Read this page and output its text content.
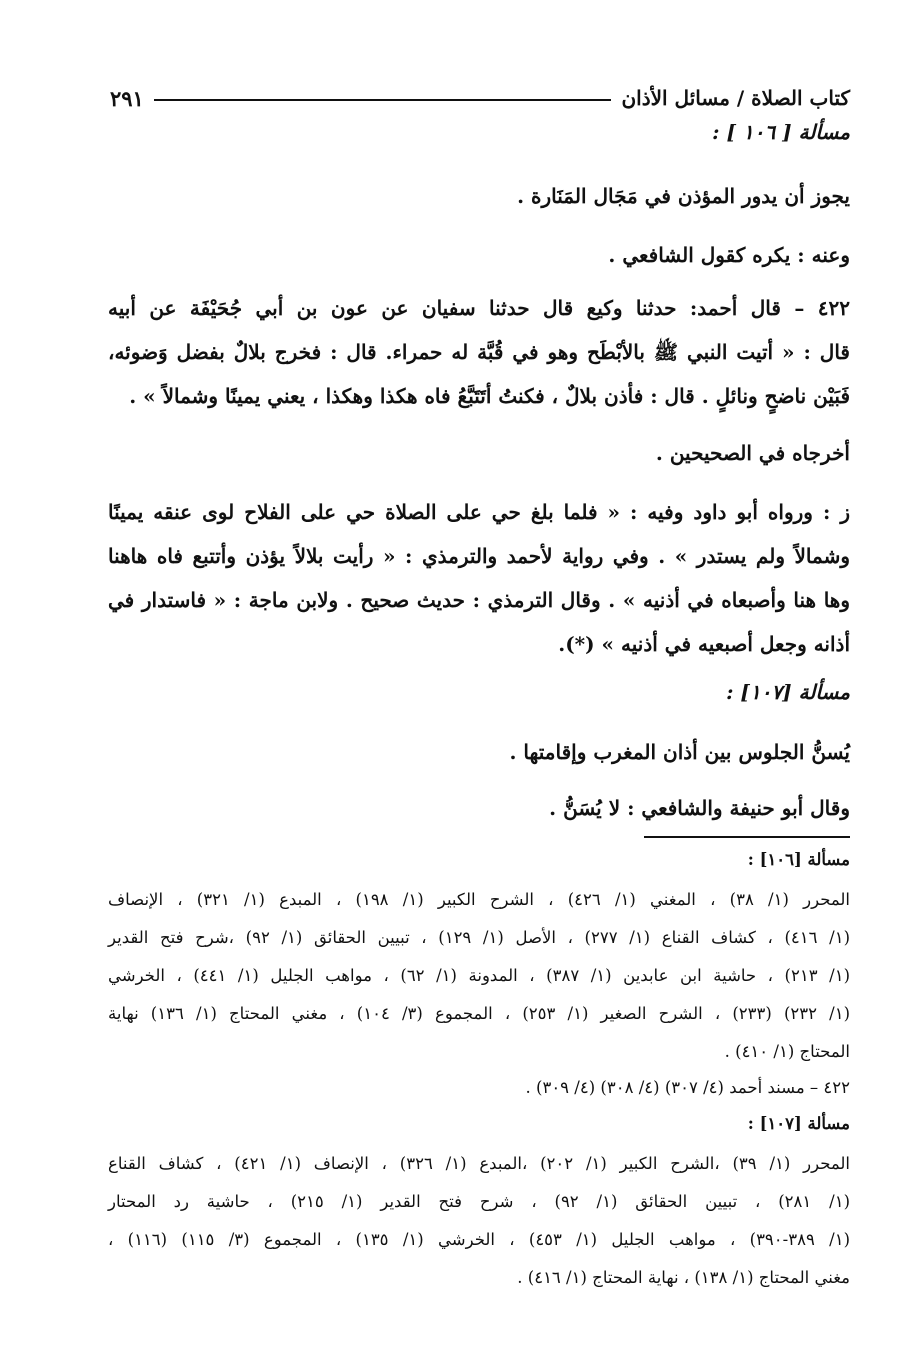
كتاب الصلاة / مسائل الأذان
٢٩١
مسألة [ ١٠٦ ] :
يجوز أن يدور المؤذن في مَجَال المَنَارة .
وعنه : يكره كقول الشافعي .
٤٢٢ – قال أحمد: حدثنا وكيع قال حدثنا سفيان عن عون بن أبي جُحَيْفَة عن أبيه
قال : « أتيت النبي ﷺ بالأبْطَح وهو في قُبَّة له حمراء. قال : فخرج بلالٌ بفضل وَضوئه،
فَبَيْن ناضحٍ ونائلٍ . قال : فأذن بلالٌ ، فكنتُ أتَتَبَّعُ فاه هكذا وهكذا ، يعني يمينًا وشمالاً » .
أخرجاه في الصحيحين .
ز : ورواه أبو داود وفيه : « فلما بلغ حي على الصلاة حي على الفلاح لوى عنقه يمينًا
وشمالاً ولم يستدر » . وفي رواية لأحمد والترمذي : « رأيت بلالاً يؤذن وأتتبع فاه هاهنا
وها هنا وأصبعاه في أذنيه » . وقال الترمذي : حديث صحيح . ولابن ماجة : « فاستدار في
أذانه وجعل أصبعيه في أذنيه » (*).
مسألة [١٠٧] :
يُسنُّ الجلوس بين أذان المغرب وإقامتها .
وقال أبو حنيفة والشافعي : لا يُسَنُّ .
مسألة [١٠٦] :
المحرر (١/ ٣٨) ، المغني (١/ ٤٢٦) ، الشرح الكبير (١/ ١٩٨) ، المبدع (١/ ٣٢١) ، الإنصاف
(١/ ٤١٦) ، كشاف القناع (١/ ٢٧٧) ، الأصل (١/ ١٢٩) ، تبيين الحقائق (١/ ٩٢) ،شرح فتح القدير
(١/ ٢١٣) ، حاشية ابن عابدين (١/ ٣٨٧) ، المدونة (١/ ٦٢) ، مواهب الجليل (١/ ٤٤١) ، الخرشي
(١/ ٢٣٢) (٢٣٣) ، الشرح الصغير (١/ ٢٥٣) ، المجموع (٣/ ١٠٤) ، مغني المحتاج (١/ ١٣٦) نهاية
المحتاج (١/ ٤١٠) .
٤٢٢ – مسند أحمد (٤/ ٣٠٧) (٤/ ٣٠٨) (٤/ ٣٠٩) .
مسألة [١٠٧] :
المحرر (١/ ٣٩) ،الشرح الكبير (١/ ٢٠٢) ،المبدع (١/ ٣٢٦) ، الإنصاف (١/ ٤٢١) ، كشاف القناع
(١/ ٢٨١) ، تبيين الحقائق (١/ ٩٢) ، شرح فتح القدير (١/ ٢١٥) ، حاشية رد المحتار
(١/ ٣٨٩-٣٩٠) ، مواهب الجليل (١/ ٤٥٣) ، الخرشي (١/ ١٣٥) ، المجموع (٣/ ١١٥) (١١٦) ،
مغني المحتاج (١/ ١٣٨) ، نهاية المحتاج (١/ ٤١٦) .
